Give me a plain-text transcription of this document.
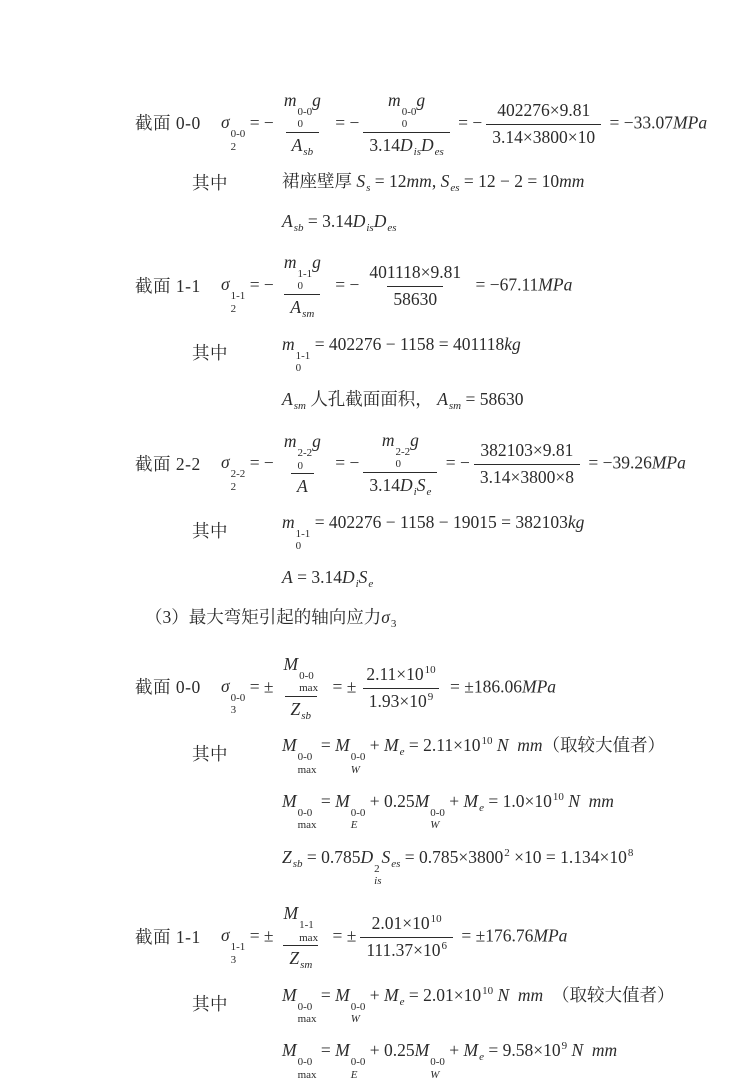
截面 0-0	σ
0-0
2
= − m
0-0
0
g
$A_{sb}$ = − m
0-0
0
g
$3.14D_{is}D_{es}$ = − $\frac{402276\times 9.81}{3.14\times 3800\times 10} = -33.07MPa$
其中	裙座壁厚 $S_s = 12mm$, $S_{es} = 12 - 2 = 10mm$
$A_{sb} = 3.14D_{is}D_{es}$
截面 1-1	σ
1-1
2
= − m
1-1
0
g
$A_{sm}$ = − $\frac{401118\times 9.81}{58630} = -67.11MPa$
其中	m
1-1
0
= 402276 − 1158 = 401118kg
$A_{sm}$ 人孔截面面积， $A_{sm} = 58630$
截面 2-2	σ
2-2
2
= − m
2-2
0
g
A = − m
2-2
0
g
$3.14D_iS_e$ = − $\frac{382103\times 9.81}{3.14\times 3800\times 8} = -39.26MPa$
其中	m
1-1
0
= 402276 − 1158 − 19015 = 382103kg
$A = 3.14D_iS_e$
（3）最大弯矩引起的轴向应力$\sigma_3$
截面 0-0	σ
0-0
3
= ± M
0-0
max
$Z_{sb}$ = ± $\frac{2.11\times 10^{10}}{1.93\times 10^9} = \pm 186.06MPa$
其中	M
0-0
max
= M
0-0
W
+ $M_e = 2.11\times 10^{10}$ N  mm（取较大值者）
M
0-0
max
= M
0-0
E
+ 0.25M
0-0
W
+ $M_e = 1.0\times 10^{10}$ N  mm
$Z_{sb} = 0.785D$
2
is
$S_{es} = 0.785\times 3800^2 \times 10 = 1.134\times 10^8$
截面 1-1	σ
1-1
3
= ± M
1-1
max
$Z_{sm}$ = ± $\frac{2.01\times 10^{10}}{111.37\times 10^6} = \pm 176.76MPa$
其中	M
0-0
max
= M
0-0
W
+ $M_e = 2.01\times 10^{10}$ N  mm （取较大值者）
M
0-0
max
= M
0-0
E
+ 0.25M
0-0
W
+ $M_e = 9.58\times 10^9$ N  mm
